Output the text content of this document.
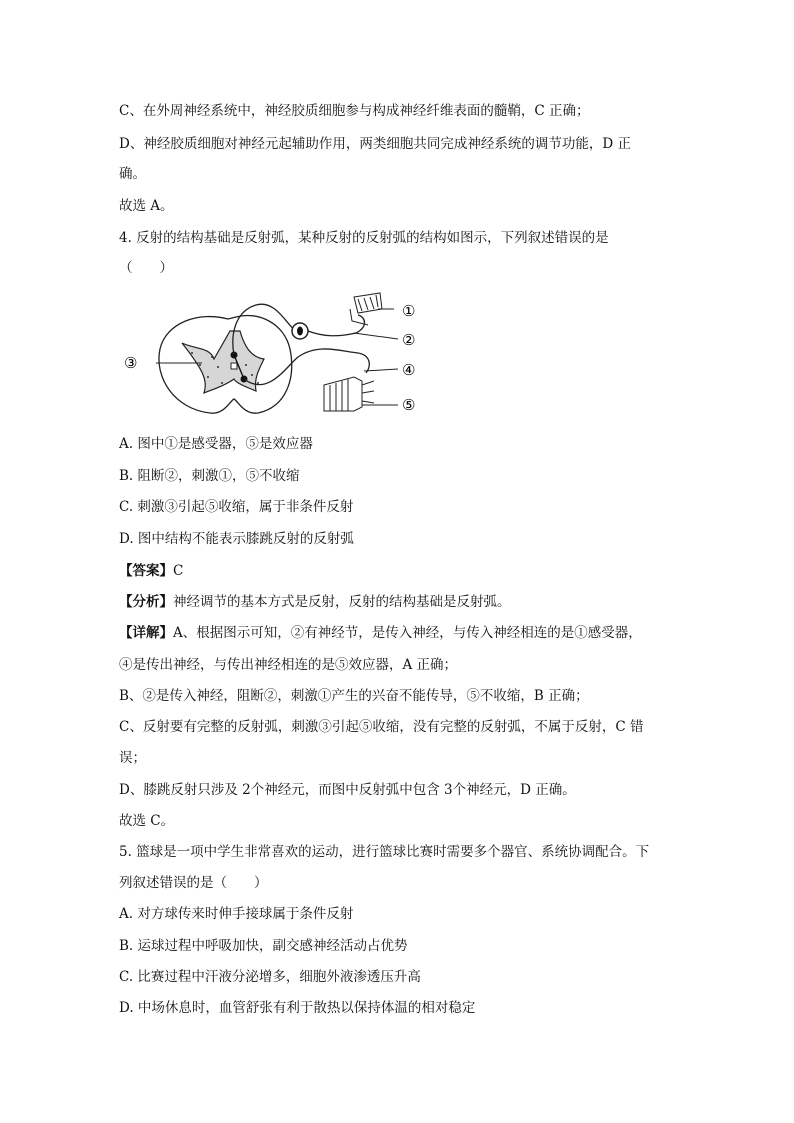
C、在外周神经系统中，神经胶质细胞参与构成神经纤维表面的髓鞘，C 正确；
D、神经胶质细胞对神经元起辅助作用，两类细胞共同完成神经系统的调节功能，D 正
确。
故选 A。
4. 反射的结构基础是反射弧，某种反射的反射弧的结构如图示，下列叙述错误的是
（　　）
①
②
③	④
⑤
A. 图中①是感受器，⑤是效应器
B. 阻断②，刺激①，⑤不收缩
C. 刺激③引起⑤收缩，属于非条件反射
D. 图中结构不能表示膝跳反射的反射弧
【答案】C
【分析】神经调节的基本方式是反射，反射的结构基础是反射弧。
【详解】A、根据图示可知，②有神经节，是传入神经，与传入神经相连的是①感受器，
④是传出神经，与传出神经相连的是⑤效应器，A 正确；
B、②是传入神经，阻断②，刺激①产生的兴奋不能传导，⑤不收缩，B 正确；
C、反射要有完整的反射弧，刺激③引起⑤收缩，没有完整的反射弧，不属于反射，C 错
误；
D、膝跳反射只涉及 2个神经元，而图中反射弧中包含 3个神经元，D 正确。
故选 C。
5. 篮球是一项中学生非常喜欢的运动，进行篮球比赛时需要多个器官、系统协调配合。下
列叙述错误的是（　　）
A. 对方球传来时伸手接球属于条件反射
B. 运球过程中呼吸加快，副交感神经活动占优势
C. 比赛过程中汗液分泌增多，细胞外液渗透压升高
D. 中场休息时，血管舒张有利于散热以保持体温的相对稳定
